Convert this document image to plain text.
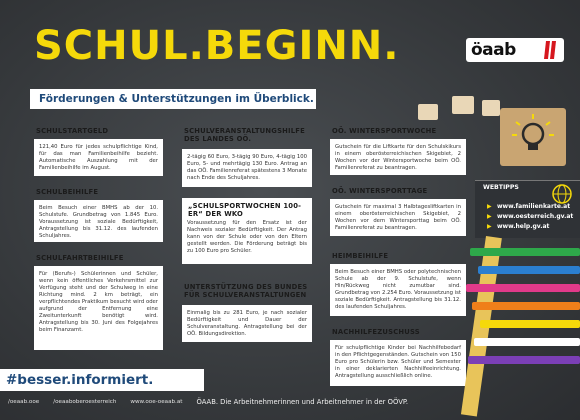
SCHUL.BEGINN.	öaab
Förderungen & Unterstützungen im Überblick.
SCHULSTARTGELD
121,40 Euro für jedes schulpflichtige Kind, für das man Familienbeihilfe bezieht. Automatische Auszahlung mit der Familienbeihilfe im August.
SCHULBEIHILFE
Beim Besuch einer BMHS ab der 10. Schulstufe. Grundbetrag von 1.845 Euro. Voraussetzung ist soziale Bedürftigkeit, Antragstellung bis 31.12. des laufenden Schuljahres.
SCHULFAHRTBEIHILFE
Für (Berufs-) Schülerinnen und Schüler, wenn kein öffentliches Verkehrsmittel zur Verfügung steht und der Schulweg in eine Richtung mind. 2 km beträgt, ein verpflichtendes Praktikum besucht wird oder aufgrund der Entfernung eine Zweitunterkunft benötigt wird. Antragstellung bis 30. Juni des Folgejahres beim Finanzamt.
SCHULVERANSTALTUNGSHILFE DES LANDES OÖ.
2-tägig 60 Euro, 3-tägig 90 Euro, 4-tägig 100 Euro, 5- und mehrtägig 130 Euro. Antrag an das OÖ. Familienreferat spätestens 3 Monate nach Ende des Schuljahres.
„SCHULSPORTWOCHEN 100-ER“ DER WKO
Voraussetzung für den Ersatz ist der Nachweis sozialer Bedürftigkeit. Der Antrag kann von der Schule oder von den Eltern gestellt werden. Die Förderung beträgt bis zu 100 Euro pro Schüler.
UNTERSTÜTZUNG DES BUNDES FÜR SCHULVERANSTALTUNGEN
Einmalig bis zu 281 Euro, je nach sozialer Bedürftigkeit und Dauer der Schulveranstaltung. Antragstellung bei der OÖ. Bildungsdirektion.
OÖ. WINTERSPORTWOCHE
Gutschein für die Liftkarte für den Schulskikurs in einem oberösterreichischen Skigebiet, 2 Wochen vor der Wintersportwoche beim OÖ. Familienreferat zu beantragen.
OÖ. WINTERSPORTTAGE
Gutschein für maximal 3 Halbtagesliftkarten in einem oberösterreichischen Skigebiet, 2 Wochen vor dem Wintersporttag beim OÖ. Familienreferat zu beantragen.
HEIMBEIHILFE
Beim Besuch einer BMHS oder polytechnischen Schule ab der 9. Schulstufe, wenn Hin/Rückweg nicht zumutbar sind. Grundbetrag von 2.254 Euro. Voraussetzung ist soziale Bedürftigkeit. Antragstellung bis 31.12. des laufenden Schuljahres.
NACHHILFEZUSCHUSS
Für schulpflichtige Kinder bei Nachhilfebedarf in den Pflichtgegenständen. Gutschein von 150 Euro pro Schülerin bzw. Schüler und Semester in einer deklarierten Nachhilfeeinrichtung. Antragstellung ausschließlich online.
WEBTIPPS
▶ www.familienkarte.at
▶ www.oesterreich.gv.at
▶ www.help.gv.at
#besser.informiert.
/oeaab.ooe	/oeaaboberoesterreich	www.ooe-oeaab.at ÖAAB. Die Arbeitnehmerinnen und Arbeitnehmer in der OÖVP.
